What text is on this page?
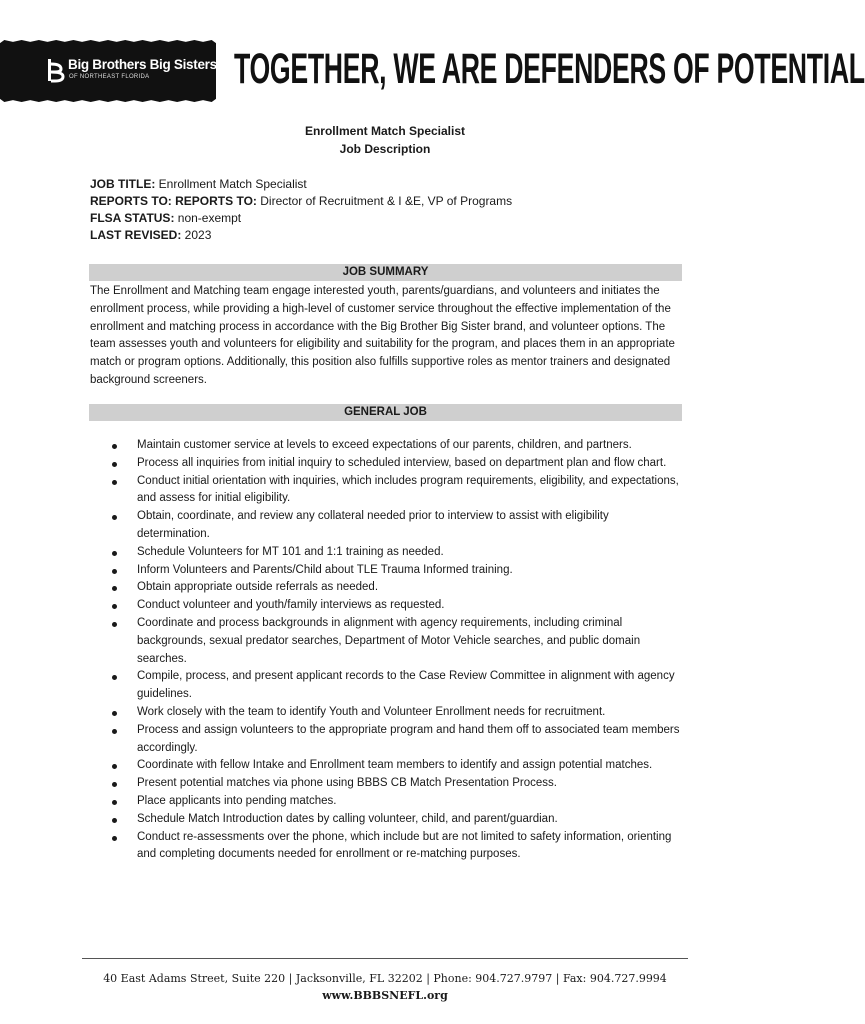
Big Brothers Big Sisters.
OF NORTHEAST FLORIDA TOGETHER, WE ARE DEFENDERS OF POTENTIAL
Enrollment Match Specialist
Job Description
JOB TITLE: Enrollment Match Specialist
REPORTS TO: REPORTS TO: Director of Recruitment & I &E, VP of Programs
FLSA STATUS: non-exempt
LAST REVISED: 2023
JOB SUMMARY
The Enrollment and Matching team engage interested youth, parents/guardians, and volunteers and initiates the enrollment process, while providing a high-level of customer service throughout the effective implementation of the enrollment and matching process in accordance with the Big Brother Big Sister brand, and volunteer options. The team assesses youth and volunteers for eligibility and suitability for the program, and places them in an appropriate match or program options. Additionally, this position also fulfills supportive roles as mentor trainers and designated background screeners.
GENERAL JOB
Maintain customer service at levels to exceed expectations of our parents, children, and partners.
Process all inquiries from initial inquiry to scheduled interview, based on department plan and flow chart.
Conduct initial orientation with inquiries, which includes program requirements, eligibility, and expectations, and assess for initial eligibility.
Obtain, coordinate, and review any collateral needed prior to interview to assist with eligibility determination.
Schedule Volunteers for MT 101 and 1:1 training as needed.
Inform Volunteers and Parents/Child about TLE Trauma Informed training.
Obtain appropriate outside referrals as needed.
Conduct volunteer and youth/family interviews as requested.
Coordinate and process backgrounds in alignment with agency requirements, including criminal backgrounds, sexual predator searches, Department of Motor Vehicle searches, and public domain searches.
Compile, process, and present applicant records to the Case Review Committee in alignment with agency guidelines.
Work closely with the team to identify Youth and Volunteer Enrollment needs for recruitment.
Process and assign volunteers to the appropriate program and hand them off to associated team members accordingly.
Coordinate with fellow Intake and Enrollment team members to identify and assign potential matches.
Present potential matches via phone using BBBS CB Match Presentation Process.
Place applicants into pending matches.
Schedule Match Introduction dates by calling volunteer, child, and parent/guardian.
Conduct re-assessments over the phone, which include but are not limited to safety information, orienting and completing documents needed for enrollment or re-matching purposes.
40 East Adams Street, Suite 220 | Jacksonville, FL 32202 | Phone: 904.727.9797 | Fax: 904.727.9994
www.BBBSNEFL.org
